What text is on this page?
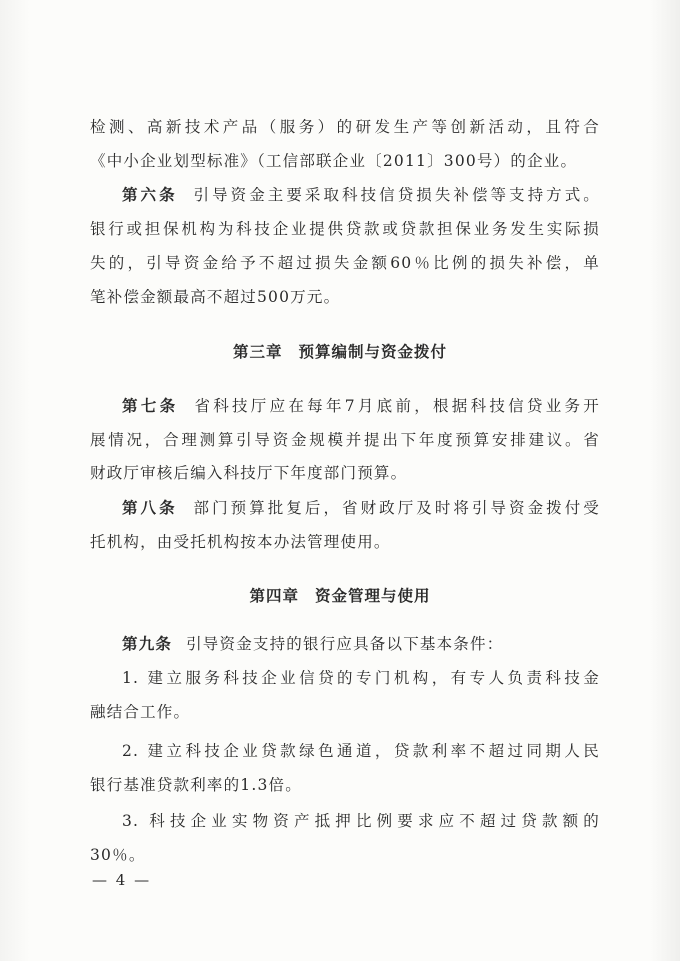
检测、高新技术产品（服务）的研发生产等创新活动，且符合
《中小企业划型标准》（工信部联企业〔2011〕300号）的企业。
第六条 引导资金主要采取科技信贷损失补偿等支持方式。
银行或担保机构为科技企业提供贷款或贷款担保业务发生实际损
失的，引导资金给予不超过损失金额60％比例的损失补偿，单
笔补偿金额最高不超过500万元。
第三章 预算编制与资金拨付
第七条 省科技厅应在每年7月底前，根据科技信贷业务开
展情况，合理测算引导资金规模并提出下年度预算安排建议。省
财政厅审核后编入科技厅下年度部门预算。
第八条 部门预算批复后，省财政厅及时将引导资金拨付受
托机构，由受托机构按本办法管理使用。
第四章 资金管理与使用
第九条 引导资金支持的银行应具备以下基本条件：
1. 建立服务科技企业信贷的专门机构，有专人负责科技金
融结合工作。
2. 建立科技企业贷款绿色通道，贷款利率不超过同期人民
银行基准贷款利率的1.3倍。
3. 科技企业实物资产抵押比例要求应不超过贷款额的
30％。
— 4 —
